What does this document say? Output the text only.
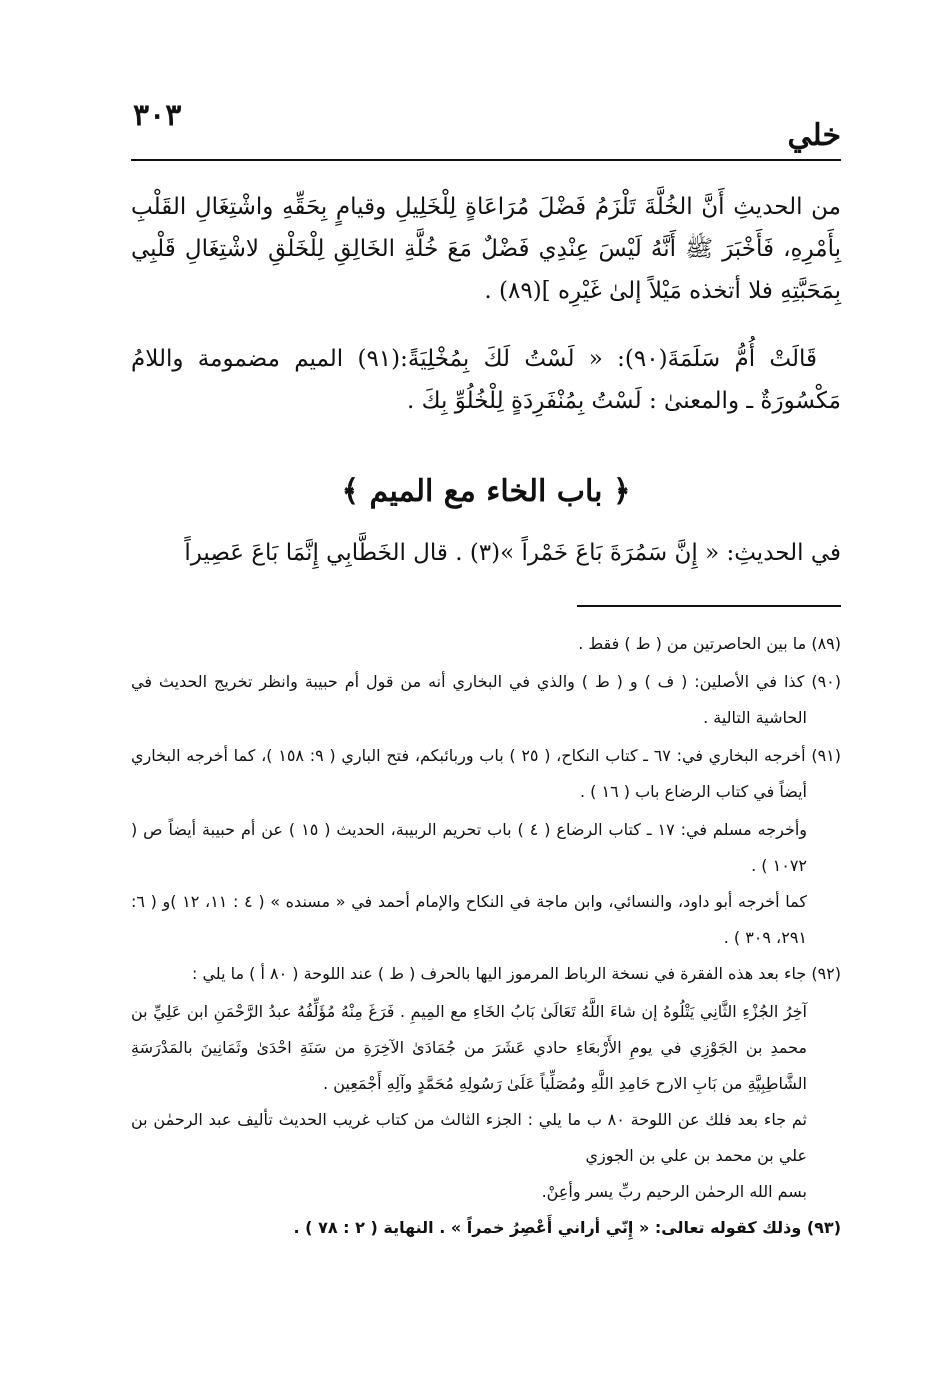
٣٠٣
خلي

من الحديثِ أَنَّ الخُلَّةَ تَلْزَمُ فَضْلَ مُرَاعَاةٍ لِلْخَلِيلِ وقيامٍ بِحَقِّهِ واشْتِغَالِ القَلْبِ بِأَمْرِهِ، فَأَخْبَرَ ﷺ أَنَّهُ لَيْسَ عِنْدِي فَضْلٌ مَعَ خُلَّةِ الخَالِقِ لِلْخَلْقِ لاشْتِغَالِ قَلْبِي بِمَحَبَّتِهِ فلا أتخذه مَيْلاً إلىٰ غَيْرِه ](٨٩) .

قَالَتْ أُمُّ سَلَمَةَ(٩٠): « لَسْتُ لَكَ بِمُخْلِيَةً:(٩١) الميم مضمومة واللامُ مَكْسُورَةٌ ـ والمعنىٰ : لَسْتُ بِمُنْفَرِدَةٍ لِلْخُلُوِّ بِكَ .

﴿ باب الخاء مع الميم ﴾

في الحديثِ: « إِنَّ سَمُرَةَ بَاعَ خَمْراً »(٣) . قال الخَطَّابِي إِنَّمَا بَاعَ عَصِيراً

(٨٩) ما بين الحاصرتين من ( ط ) فقط .

(٩٠) كذا في الأصلين: ( ف ) و ( ط ) والذي في البخاري أنه من قول أم حبيبة وانظر تخريج الحديث في الحاشية التالية .

(٩١) أخرجه البخاري في: ٦٧ ـ كتاب النكاح، ( ٢٥ ) باب وربائبكم، فتح الباري ( ٩: ١٥٨ )، كما أخرجه البخاري أيضاً في كتاب الرضاع باب ( ١٦ ) .

وأخرجه مسلم في: ١٧ ـ كتاب الرضاع ( ٤ ) باب تحريم الربيبة، الحديث ( ١٥ ) عن أم حبيبة أيضاً ص ( ١٠٧٢ ) .

كما أخرجه أبو داود، والنسائي، وابن ماجة في النكاح والإمام أحمد في « مسنده » ( ٤ : ١١، ١٢ )و ( ٦: ٢٩١، ٣٠٩ ) .

(٩٢) جاء بعد هذه الفقرة في نسخة الرباط المرموز اليها بالحرف ( ط ) عند اللوحة ( ٨٠ أ ) ما يلي :

آخِرُ الجُزْءِ الثَّانِي يَتْلُوهُ إن شاءَ اللَّهُ تَعَالَىٰ بَابُ الخَاءِ مع المِيمِ . فَرَغَ مِنْهُ مُؤَلِّفُهُ عبدُ الرَّحْمَنِ ابن عَلِيِّ بن محمدِ بن الجَوْزِي في يومِ الأَرْبعَاءِ حادي عَشَرَ من جُمَادَىٰ الآخِرَةِ من سَنَةِ احْدَىٰ وثَمَانِينَ بالمَدْرَسَةِ الشَّاطِبِيَّةِ من بَابِ الارح حَامِدِ اللَّهِ ومُصَلِّياً عَلَىٰ رَسُولِهِ مُحَمَّدٍ وآلِهِ أَجْمَعِين .

ثم جاء بعد فلك عن اللوحة ٨٠ ب ما يلي : الجزء الثالث من كتاب غريب الحديث تأليف عبد الرحمٰن بن علي بن محمد بن علي بن الجوزي

بسم الله الرحمٰن الرحيم ربِّ يسر وأعِنْ.

(٩٣) وذلك كقوله تعالى: « إِنّي أراني أَعْصِرُ خمراً » . النهاية ( ٢ : ٧٨ ) .
